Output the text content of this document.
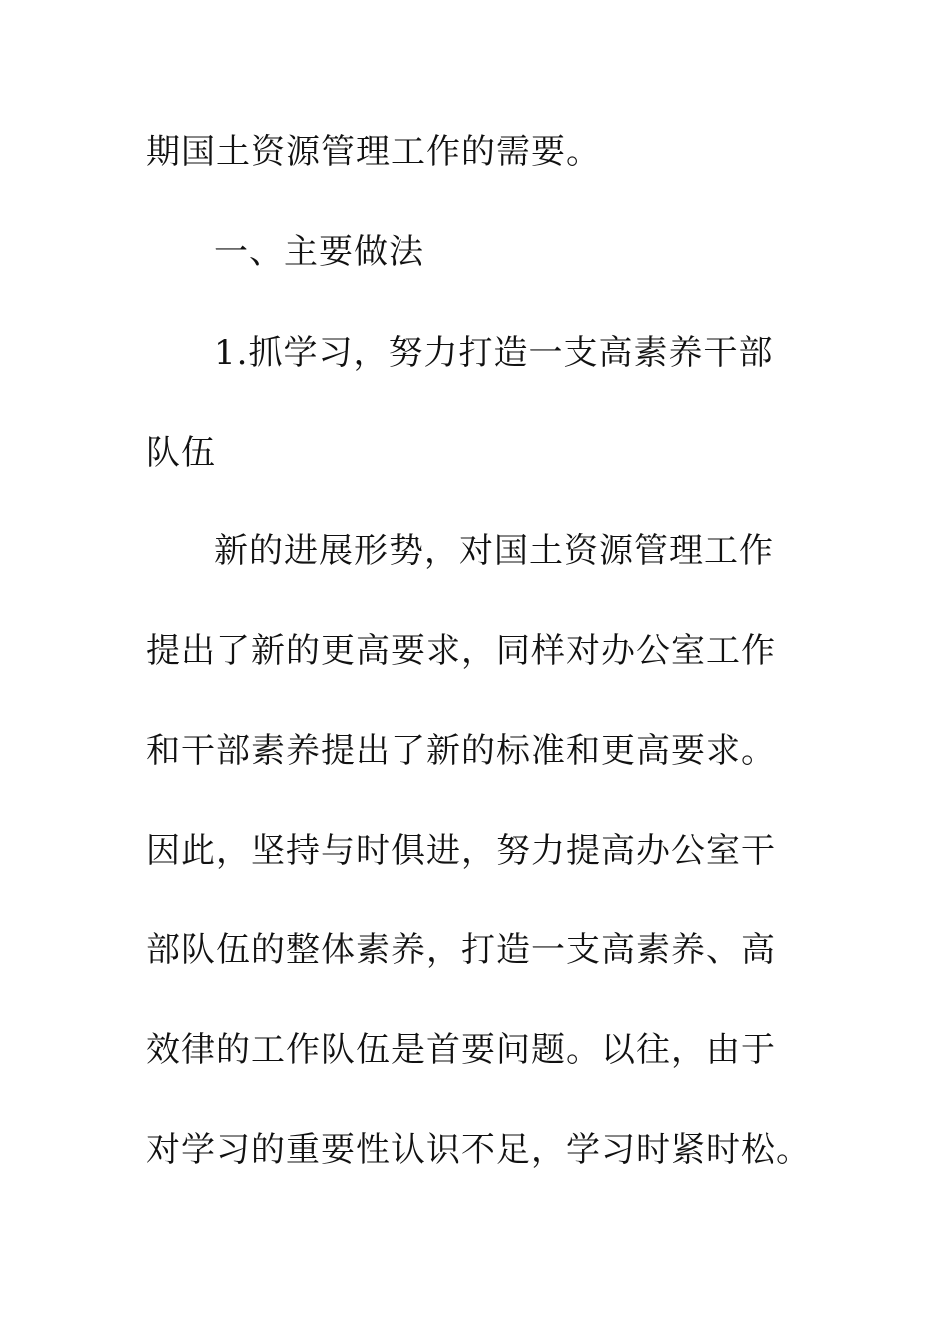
期国土资源管理工作的需要。
一、主要做法
1.抓学习，努力打造一支高素养干部
队伍
新的进展形势，对国土资源管理工作
提出了新的更高要求，同样对办公室工作
和干部素养提出了新的标准和更高要求。
因此，坚持与时俱进，努力提高办公室干
部队伍的整体素养，打造一支高素养、高
效律的工作队伍是首要问题。以往，由于
对学习的重要性认识不足，学习时紧时松。
